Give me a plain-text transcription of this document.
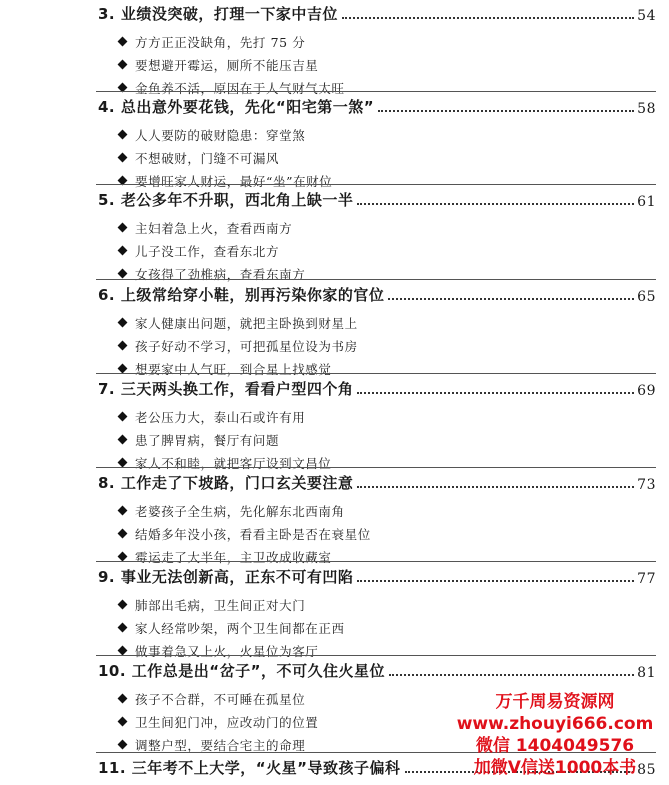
3. 业绩没突破，打理一下家中吉位	54
方方正正没缺角，先打 75 分
要想避开霉运，厕所不能压吉星
金鱼养不活，原因在于人气财气太旺
4. 总出意外要花钱，先化“阳宅第一煞”	58
人人要防的破财隐患：穿堂煞
不想破财，门缝不可漏风
要增旺家人财运，最好“坐”在财位
5. 老公多年不升职，西北角上缺一半	61
主妇着急上火，查看西南方
儿子没工作，查看东北方
女孩得了劲椎病，查看东南方
6. 上级常给穿小鞋，别再污染你家的官位	65
家人健康出问题，就把主卧换到财星上
孩子好动不学习，可把孤星位设为书房
想要家中人气旺，到合星上找感觉
7. 三天两头换工作，看看户型四个角	69
老公压力大，泰山石或许有用
患了脾胃病，餐厅有问题
家人不和睦，就把客厅设到文昌位
8. 工作走了下坡路，门口玄关要注意	73
老婆孩子全生病，先化解东北西南角
结婚多年没小孩，看看主卧是否在衰星位
霉运走了大半年，主卫改成收藏室
9. 事业无法创新高，正东不可有凹陷	77
肺部出毛病，卫生间正对大门
家人经常吵架，两个卫生间都在正西
做事着急又上火，火星位为客厅
10. 工作总是出“岔子”，不可久住火星位	81
孩子不合群，不可睡在孤星位
卫生间犯门冲，应改动门的位置
调整户型，要结合宅主的命理
11. 三年考不上大学，“火星”导致孩子偏科	85
万千周易资源网
www.zhouyi666.com
微信 1404049576
加微V信送1000本书
